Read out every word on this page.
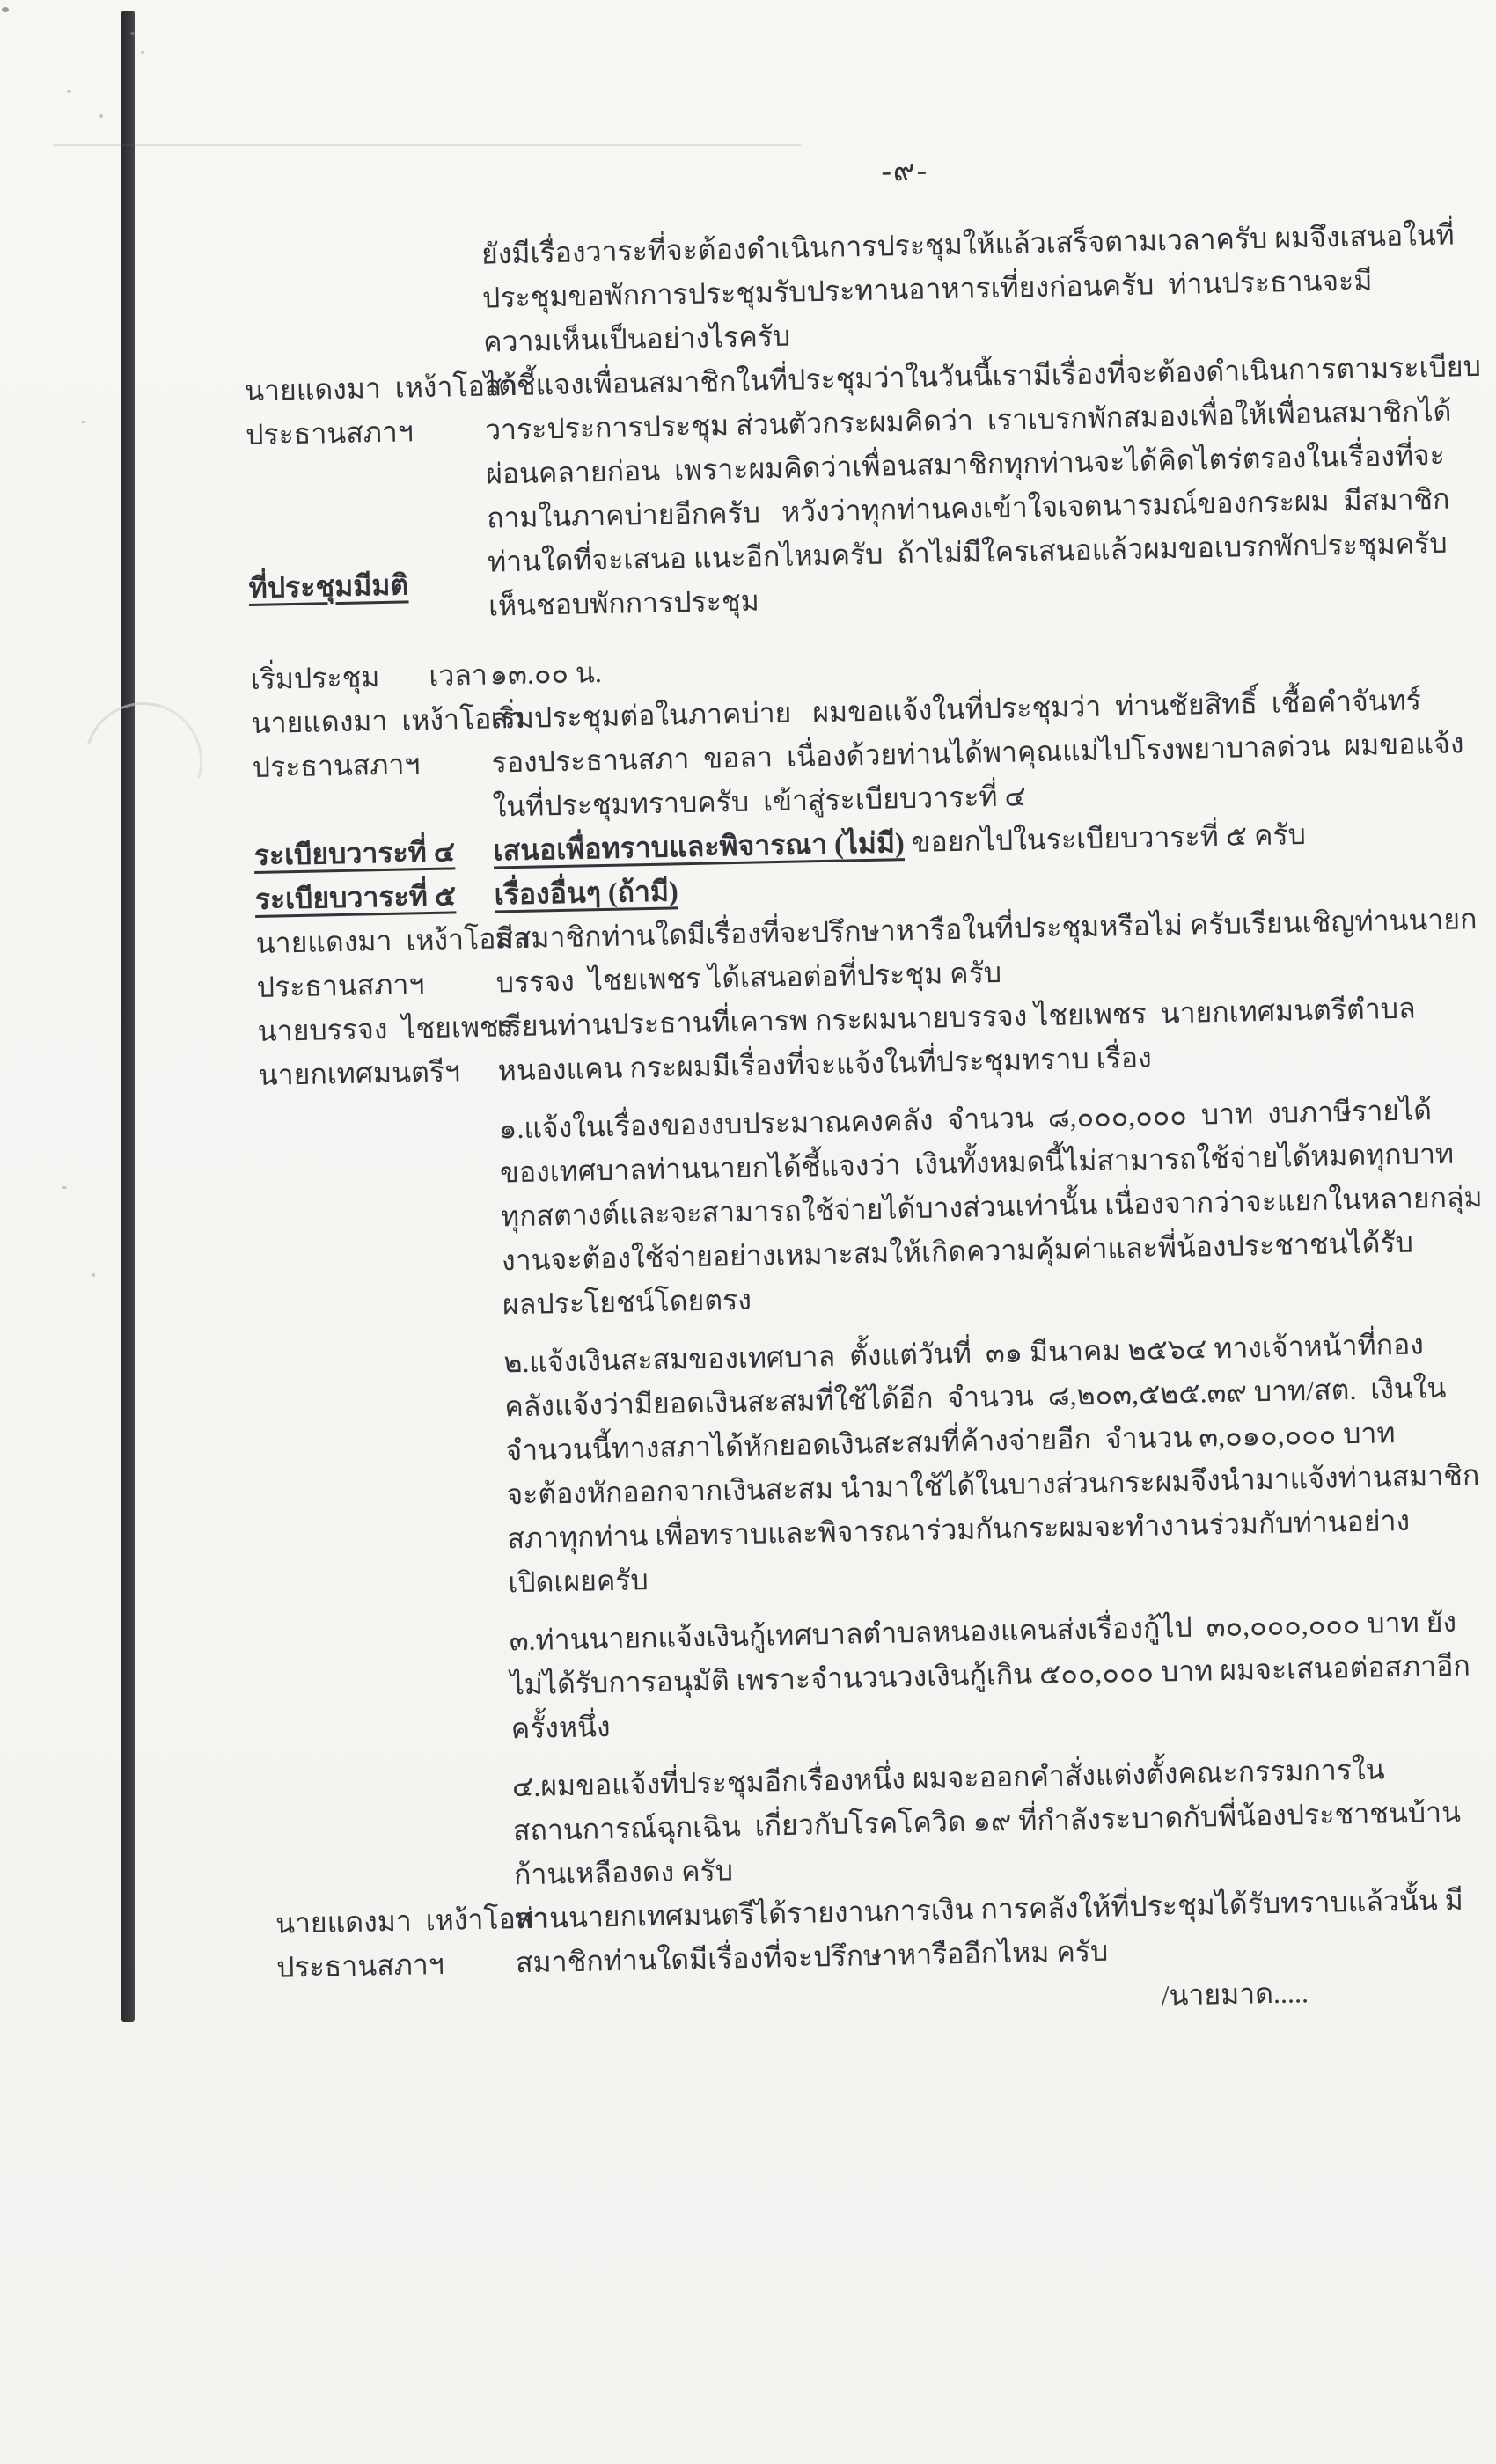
-๙-
ยังมีเรื่องวาระที่จะต้องดำเนินการประชุมให้แล้วเสร็จตามเวลาครับ ผมจึงเสนอในที่
ประชุมขอพักการประชุมรับประทานอาหารเที่ยงก่อนครับ  ท่านประธานจะมี
ความเห็นเป็นอย่างไรครับ
นายแดงมา  เหง้าโอสา
ประธานสภาฯ
ได้ชี้แจงเพื่อนสมาชิกในที่ประชุมว่าในวันนี้เรามีเรื่องที่จะต้องดำเนินการตามระเบียบ
วาระประการประชุม ส่วนตัวกระผมคิดว่า  เราเบรกพักสมองเพื่อให้เพื่อนสมาชิกได้
ผ่อนคลายก่อน  เพราะผมคิดว่าเพื่อนสมาชิกทุกท่านจะได้คิดไตร่ตรองในเรื่องที่จะ
ถามในภาคบ่ายอีกครับ   หวังว่าทุกท่านคงเข้าใจเจตนารมณ์ของกระผม  มีสมาชิก
ท่านใดที่จะเสนอ แนะอีกไหมครับ  ถ้าไม่มีใครเสนอแล้วผมขอเบรกพักประชุมครับ
ที่ประชุมมีมติ	เห็นชอบพักการประชุม
เริ่มประชุม       เวลา ๑๓.๐๐ น.
นายแดงมา  เหง้าโอสา
ประธานสภาฯ
เริ่มประชุมต่อในภาคบ่าย   ผมขอแจ้งในที่ประชุมว่า  ท่านชัยสิทธิ์  เชื้อคำจันทร์
รองประธานสภา  ขอลา  เนื่องด้วยท่านได้พาคุณแม่ไปโรงพยาบาลด่วน  ผมขอแจ้ง
ในที่ประชุมทราบครับ  เข้าสู่ระเบียบวาระที่ ๔
ระเบียบวาระที่ ๔	เสนอเพื่อทราบและพิจารณา (ไม่มี) ขอยกไปในระเบียบวาระที่ ๕ ครับ
ระเบียบวาระที่ ๕	เรื่องอื่นๆ (ถ้ามี)
นายแดงมา  เหง้าโอสา
ประธานสภาฯ
มีสมาชิกท่านใดมีเรื่องที่จะปรึกษาหารือในที่ประชุมหรือไม่ ครับเรียนเชิญท่านนายก
บรรจง  ไชยเพชร ได้เสนอต่อที่ประชุม ครับ
นายบรรจง  ไชยเพชร
นายกเทศมนตรีฯ
เรียนท่านประธานที่เคารพ กระผมนายบรรจง ไชยเพชร  นายกเทศมนตรีตำบล
หนองแคน กระผมมีเรื่องที่จะแจ้งในที่ประชุมทราบ เรื่อง
๑.แจ้งในเรื่องของงบประมาณคงคลัง  จำนวน  ๘,๐๐๐,๐๐๐  บาท  งบภาษีรายได้
ของเทศบาลท่านนายกได้ชี้แจงว่า  เงินทั้งหมดนี้ไม่สามารถใช้จ่ายได้หมดทุกบาท
ทุกสตางต์และจะสามารถใช้จ่ายได้บางส่วนเท่านั้น เนื่องจากว่าจะแยกในหลายกลุ่ม
งานจะต้องใช้จ่ายอย่างเหมาะสมให้เกิดความคุ้มค่าและพี่น้องประชาชนได้รับ
ผลประโยชน์โดยตรง
๒.แจ้งเงินสะสมของเทศบาล  ตั้งแต่วันที่  ๓๑ มีนาคม ๒๕๖๔ ทางเจ้าหน้าที่กอง
คลังแจ้งว่ามียอดเงินสะสมที่ใช้ได้อีก  จำนวน  ๘,๒๐๓,๕๒๕.๓๙ บาท/สต.  เงินใน
จำนวนนี้ทางสภาได้หักยอดเงินสะสมที่ค้างจ่ายอีก  จำนวน ๓,๐๑๐,๐๐๐ บาท
จะต้องหักออกจากเงินสะสม นำมาใช้ได้ในบางส่วนกระผมจึงนำมาแจ้งท่านสมาชิก
สภาทุกท่าน เพื่อทราบและพิจารณาร่วมกันกระผมจะทำงานร่วมกับท่านอย่าง
เปิดเผยครับ
๓.ท่านนายกแจ้งเงินกู้เทศบาลตำบลหนองแคนส่งเรื่องกู้ไป  ๓๐,๐๐๐,๐๐๐ บาท ยัง
ไม่ได้รับการอนุมัติ เพราะจำนวนวงเงินกู้เกิน ๕๐๐,๐๐๐ บาท ผมจะเสนอต่อสภาอีก
ครั้งหนึ่ง
๔.ผมขอแจ้งที่ประชุมอีกเรื่องหนึ่ง ผมจะออกคำสั่งแต่งตั้งคณะกรรมการใน
สถานการณ์ฉุกเฉิน  เกี่ยวกับโรคโควิด ๑๙ ที่กำลังระบาดกับพี่น้องประชาชนบ้าน
ก้านเหลืองดง ครับ
นายแดงมา  เหง้าโอสา
ประธานสภาฯ
ท่านนายกเทศมนตรีได้รายงานการเงิน การคลังให้ที่ประชุมได้รับทราบแล้วนั้น มี
สมาชิกท่านใดมีเรื่องที่จะปรึกษาหารืออีกไหม ครับ
/นายมาด.....
